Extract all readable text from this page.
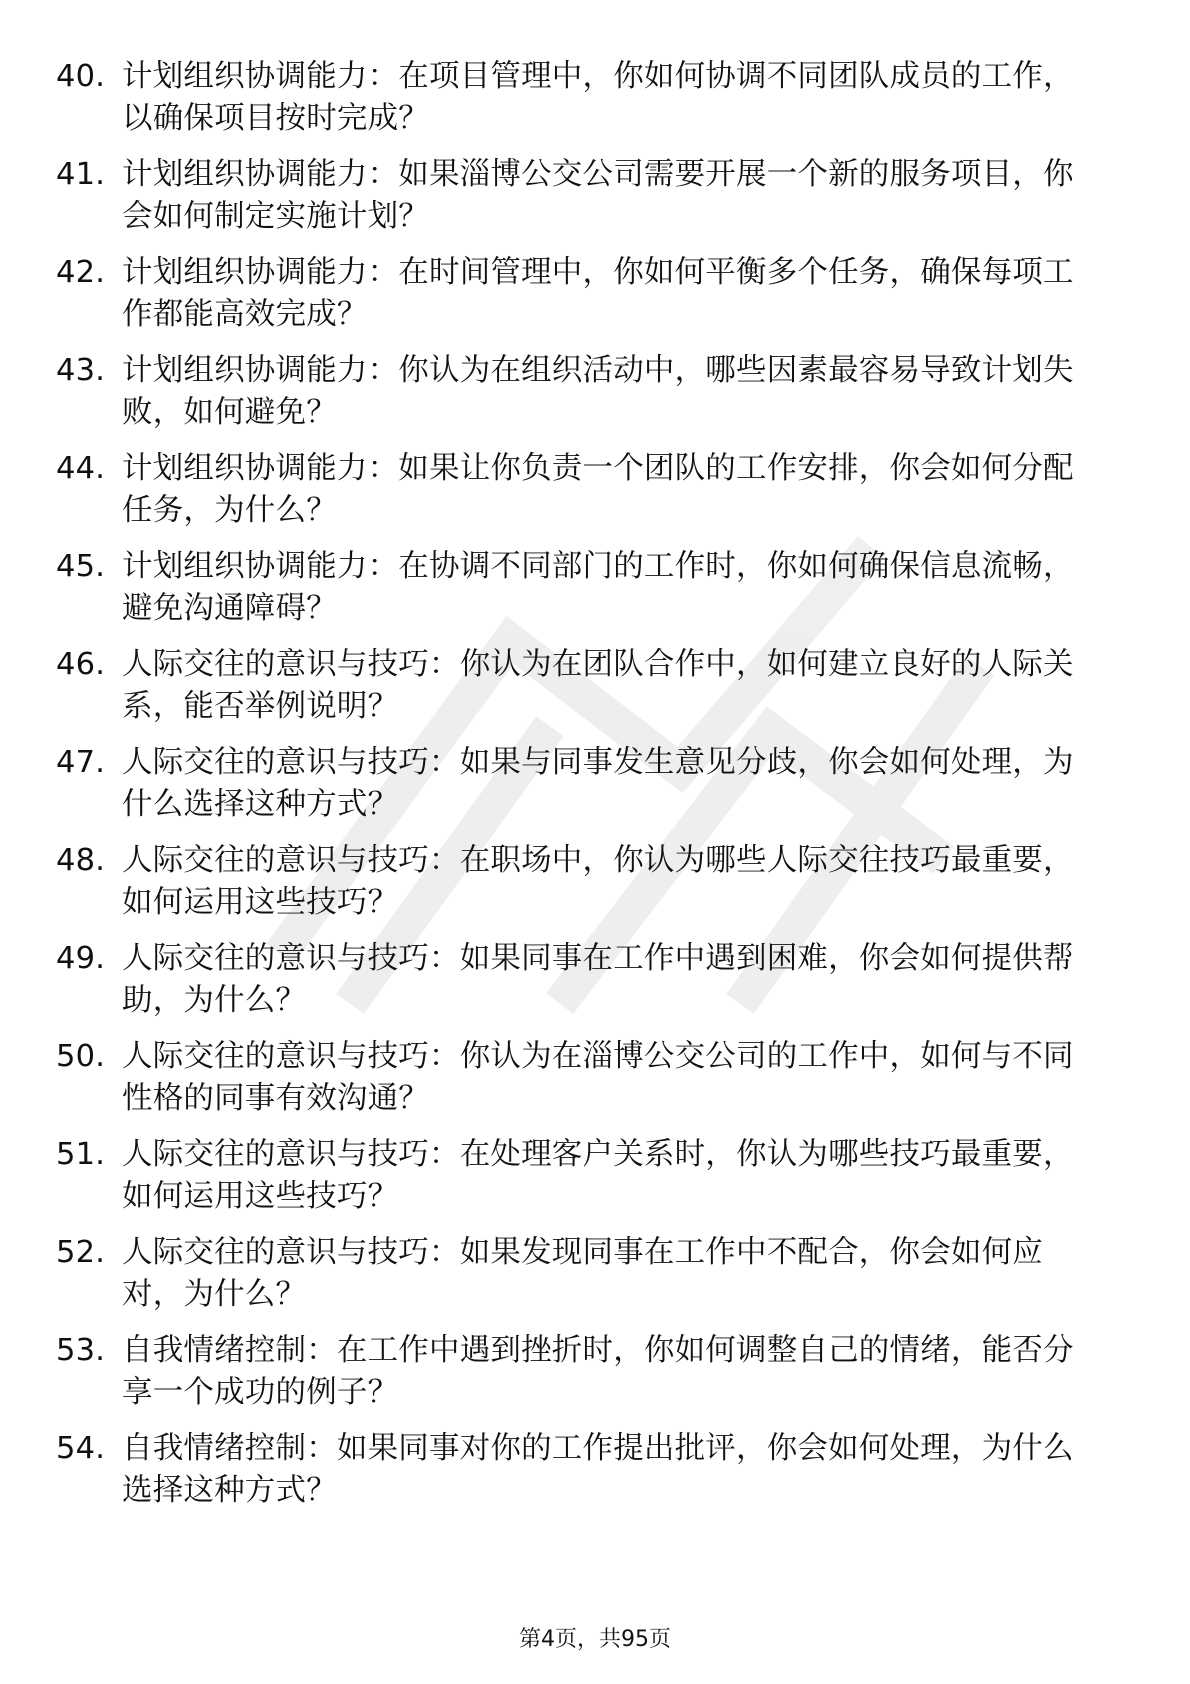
40. 计划组织协调能力：在项目管理中，你如何协调不同团队成员的工作，以确保项目按时完成？
41. 计划组织协调能力：如果淄博公交公司需要开展一个新的服务项目，你会如何制定实施计划？
42. 计划组织协调能力：在时间管理中，你如何平衡多个任务，确保每项工作都能高效完成？
43. 计划组织协调能力：你认为在组织活动中，哪些因素最容易导致计划失败，如何避免？
44. 计划组织协调能力：如果让你负责一个团队的工作安排，你会如何分配任务，为什么？
45. 计划组织协调能力：在协调不同部门的工作时，你如何确保信息流畅，避免沟通障碍？
46. 人际交往的意识与技巧：你认为在团队合作中，如何建立良好的人际关系，能否举例说明？
47. 人际交往的意识与技巧：如果与同事发生意见分歧，你会如何处理，为什么选择这种方式？
48. 人际交往的意识与技巧：在职场中，你认为哪些人际交往技巧最重要，如何运用这些技巧？
49. 人际交往的意识与技巧：如果同事在工作中遇到困难，你会如何提供帮助，为什么？
50. 人际交往的意识与技巧：你认为在淄博公交公司的工作中，如何与不同性格的同事有效沟通？
51. 人际交往的意识与技巧：在处理客户关系时，你认为哪些技巧最重要，如何运用这些技巧？
52. 人际交往的意识与技巧：如果发现同事在工作中不配合，你会如何应对，为什么？
53. 自我情绪控制：在工作中遇到挫折时，你如何调整自己的情绪，能否分享一个成功的例子？
54. 自我情绪控制：如果同事对你的工作提出批评，你会如何处理，为什么选择这种方式？
第4页，共95页
